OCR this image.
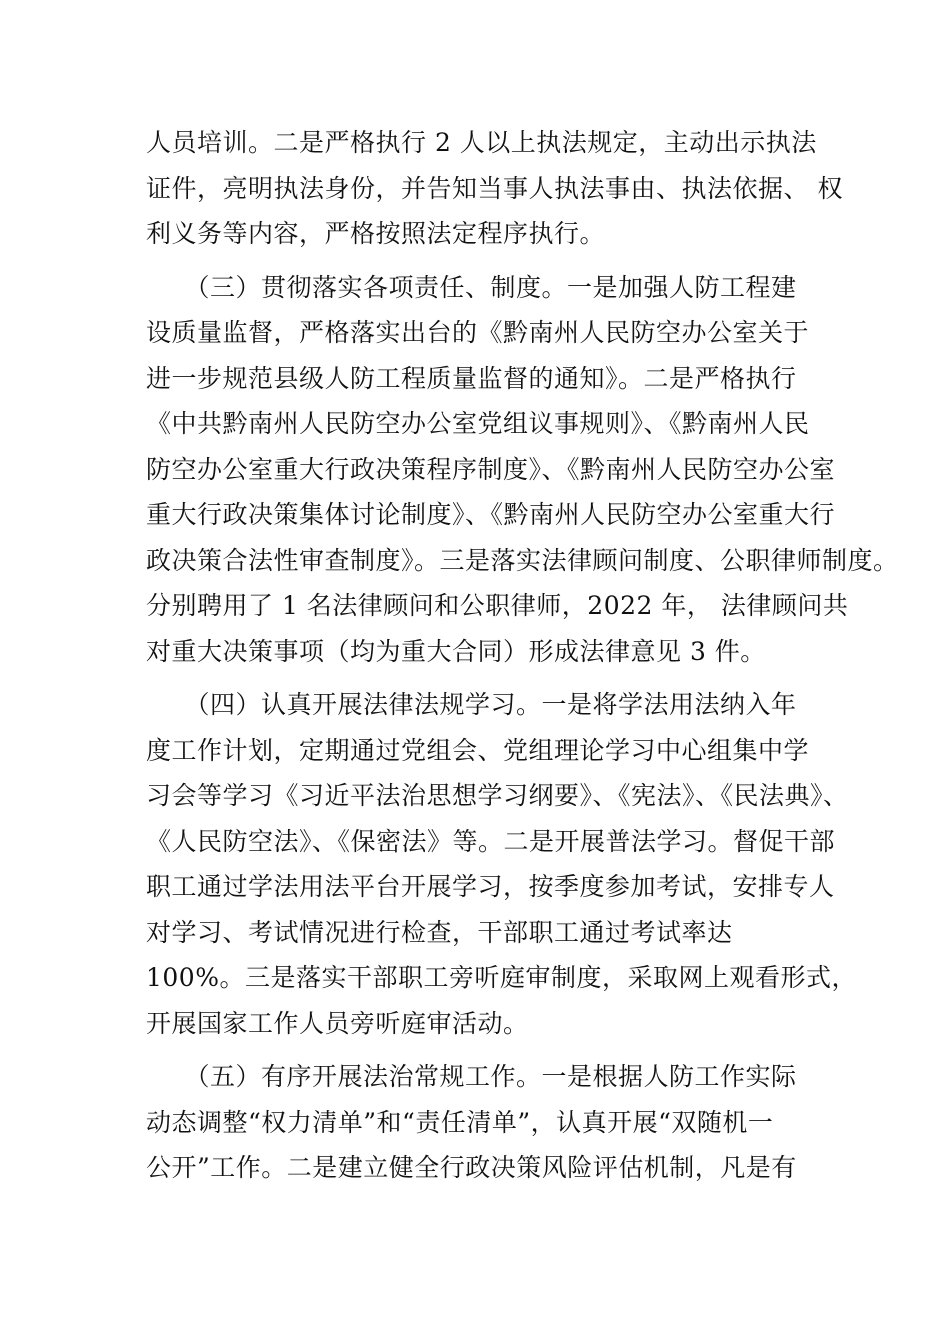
人员培训。二是严格执行 2 人以上执法规定，主动出示执法
证件，亮明执法身份，并告知当事人执法事由、执法依据、 权
利义务等内容，严格按照法定程序执行。
　　（三）贯彻落实各项责任、制度。一是加强人防工程建
设质量监督，严格落实出台的《黔南州人民防空办公室关于
进一步规范县级人防工程质量监督的通知》。二是严格执行
《中共黔南州人民防空办公室党组议事规则》、《黔南州人民
防空办公室重大行政决策程序制度》、《黔南州人民防空办公室
重大行政决策集体讨论制度》、《黔南州人民防空办公室重大行
政决策合法性审查制度》。三是落实法律顾问制度、公职律师制度。
分别聘用了 1 名法律顾问和公职律师，2022 年， 法律顾问共
对重大决策事项（均为重大合同）形成法律意见 3 件。
　　（四）认真开展法律法规学习。一是将学法用法纳入年
度工作计划，定期通过党组会、党组理论学习中心组集中学
习会等学习《习近平法治思想学习纲要》、《宪法》、《民法典》、
《人民防空法》、《保密法》等。二是开展普法学习。督促干部
职工通过学法用法平台开展学习，按季度参加考试，安排专人
对学习、考试情况进行检查，干部职工通过考试率达
100%。三是落实干部职工旁听庭审制度，采取网上观看形式，
开展国家工作人员旁听庭审活动。
　　（五）有序开展法治常规工作。一是根据人防工作实际
动态调整“权力清单”和“责任清单”，认真开展“双随机一
公开”工作。二是建立健全行政决策风险评估机制，凡是有
